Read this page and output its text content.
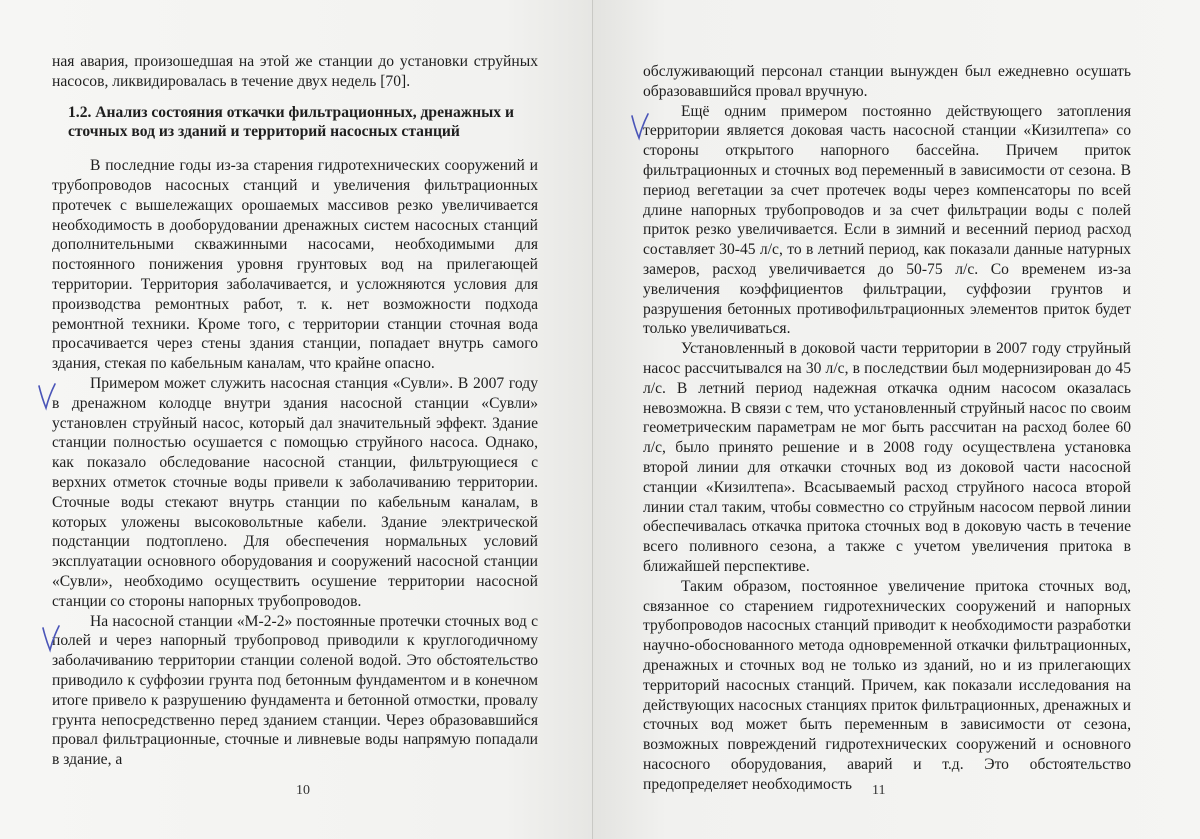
ная авария, произошедшая на этой же станции до установки струйных насосов, ликвидировалась в течение двух недель [70].

1.2. Анализ состояния откачки фильтрационных, дренажных и сточных вод из зданий и территорий насосных станций

В последние годы из-за старения гидротехнических сооружений и трубопроводов насосных станций и увеличения фильтрационных протечек с вышележащих орошаемых массивов резко увеличивается необходимость в дооборудовании дренажных систем насосных станций дополнительными скважинными насосами, необходимыми для постоянного понижения уровня грунтовых вод на прилегающей территории. Территория заболачивается, и усложняются условия для производства ремонтных работ, т. к. нет возможности подхода ремонтной техники. Кроме того, с территории станции сточная вода просачивается через стены здания станции, попадает внутрь самого здания, стекая по кабельным каналам, что крайне опасно.

Примером может служить насосная станция «Сувли». В 2007 году в дренажном колодце внутри здания насосной станции «Сувли» установлен струйный насос, который дал значительный эффект. Здание станции полностью осушается с помощью струйного насоса. Однако, как показало обследование насосной станции, фильтрующиеся с верхних отметок сточные воды привели к заболачиванию территории. Сточные воды стекают внутрь станции по кабельным каналам, в которых уложены высоковольтные кабели. Здание электрической подстанции подтоплено. Для обеспечения нормальных условий эксплуатации основного оборудования и сооружений насосной станции «Сувли», необходимо осуществить осушение территории насосной станции со стороны напорных трубопроводов.

На насосной станции «М-2-2» постоянные протечки сточных вод с полей и через напорный трубопровод приводили к круглогодичному заболачиванию территории станции соленой водой. Это обстоятельство приводило к суффозии грунта под бетонным фундаментом и в конечном итоге привело к разрушению фундамента и бетонной отмостки, провалу грунта непосредственно перед зданием станции. Через образовавшийся провал фильтрационные, сточные и ливневые воды напрямую попадали в здание, а

10

обслуживающий персонал станции вынужден был ежедневно осушать образовавшийся провал вручную.

Ещё одним примером постоянно действующего затопления территории является доковая часть насосной станции «Кизилтепа» со стороны открытого напорного бассейна. Причем приток фильтрационных и сточных вод переменный в зависимости от сезона. В период вегетации за счет протечек воды через компенсаторы по всей длине напорных трубопроводов и за счет фильтрации воды с полей приток резко увеличивается. Если в зимний и весенний период расход составляет 30-45 л/с, то в летний период, как показали данные натурных замеров, расход увеличивается до 50-75 л/с. Со временем из-за увеличения коэффициентов фильтрации, суффозии грунтов и разрушения бетонных противофильтрационных элементов приток будет только увеличиваться.

Установленный в доковой части территории в 2007 году струйный насос рассчитывался на 30 л/с, в последствии был модернизирован до 45 л/с. В летний период надежная откачка одним насосом оказалась невозможна. В связи с тем, что установленный струйный насос по своим геометрическим параметрам не мог быть рассчитан на расход более 60 л/с, было принято решение и в 2008 году осуществлена установка второй линии для откачки сточных вод из доковой части насосной станции «Кизилтепа». Всасываемый расход струйного насоса второй линии стал таким, чтобы совместно со струйным насосом первой линии обеспечивалась откачка притока сточных вод в доковую часть в течение всего поливного сезона, а также с учетом увеличения притока в ближайшей перспективе.

Таким образом, постоянное увеличение притока сточных вод, связанное со старением гидротехнических сооружений и напорных трубопроводов насосных станций приводит к необходимости разработки научно-обоснованного метода одновременной откачки фильтрационных, дренажных и сточных вод не только из зданий, но и из прилегающих территорий насосных станций. Причем, как показали исследования на действующих насосных станциях приток фильтрационных, дренажных и сточных вод может быть переменным в зависимости от сезона, возможных повреждений гидротехнических сооружений и основного насосного оборудования, аварий и т.д. Это обстоятельство предопределяет необходимость	11
